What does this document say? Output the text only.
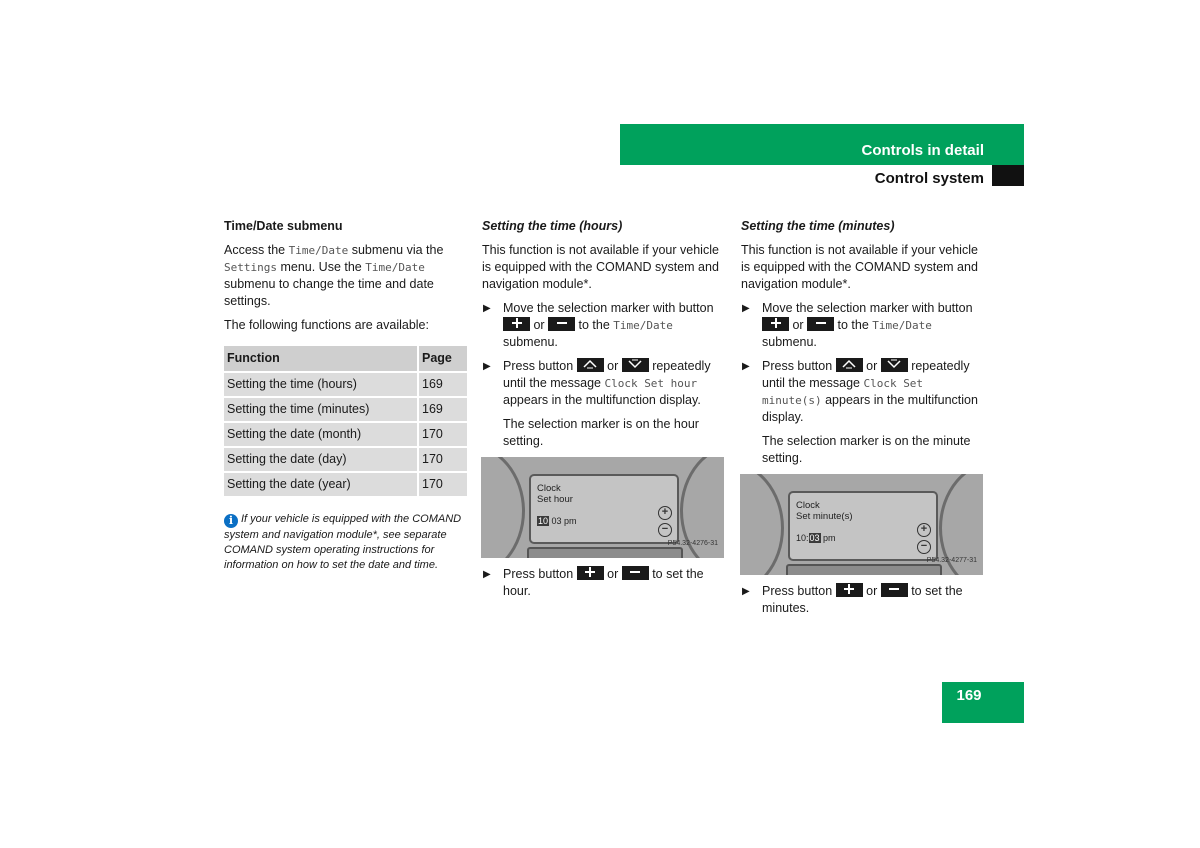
Controls in detail
Control system
Time/Date submenu

Access the Time/Date submenu via the Settings menu. Use the Time/Date submenu to change the time and date settings.

The following functions are available:

Function	Page
Setting the time (hours)	169
Setting the time (minutes)	169
Setting the date (month)	170
Setting the date (day)	170
Setting the date (year)	170
i If your vehicle is equipped with the COMAND system and navigation module*, see separate COMAND system operating instructions for information on how to set the date and time.
Setting the time (hours)

This function is not available if your vehicle is equipped with the COMAND system and navigation module*.

▶ Move the selection marker with button
or
to the Time/Date submenu.
▶ Press button
or
repeatedly until the message Clock Set hour appears in the multifunction display.

The selection marker is on the hour setting.

Clock
Set hour
10 03 pm
+
−
P54.32-4276-31
▶ Press button
or
to set the hour.
Setting the time (minutes)

This function is not available if your vehicle is equipped with the COMAND system and navigation module*.

▶ Move the selection marker with button
or
to the Time/Date submenu.
▶ Press button
or
repeatedly until the message Clock Set minute(s) appears in the multifunction display.

The selection marker is on the minute setting.

Clock
Set minute(s)
10:03 pm
+
−
P54.32-4277-31
▶ Press button
or
to set the minutes.
169
